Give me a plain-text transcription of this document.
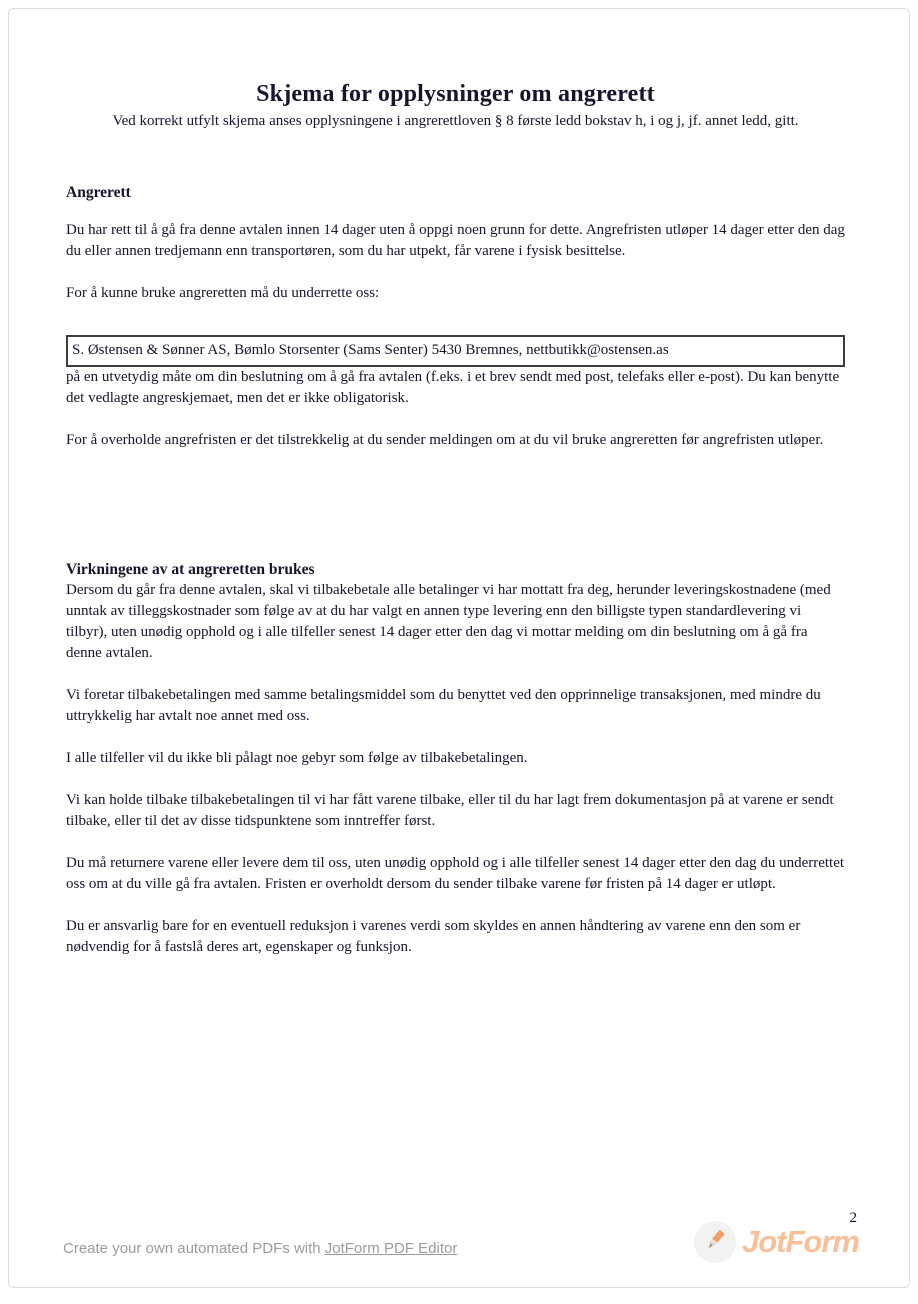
Skjema for opplysninger om angrerett

Ved korrekt utfylt skjema anses opplysningene i angrerettloven § 8 første ledd bokstav h, i og j, jf. annet ledd, gitt.

Angrerett

Du har rett til å gå fra denne avtalen innen 14 dager uten å oppgi noen grunn for dette. Angrefristen utløper 14 dager etter den dag du eller annen tredjemann enn transportøren, som du har utpekt, får varene i fysisk besittelse.

For å kunne bruke angreretten må du underrette oss:

S. Østensen & Sønner AS, Bømlo Storsenter (Sams Senter) 5430 Bremnes, nettbutikk@ostensen.as

på en utvetydig måte om din beslutning om å gå fra avtalen (f.eks. i et brev sendt med post, telefaks eller e-post). Du kan benytte det vedlagte angreskjemaet, men det er ikke obligatorisk.

For å overholde angrefristen er det tilstrekkelig at du sender meldingen om at du vil bruke angreretten før angrefristen utløper.

Virkningene av at angreretten brukes

Dersom du går fra denne avtalen, skal vi tilbakebetale alle betalinger vi har mottatt fra deg, herunder leveringskostnadene (med unntak av tilleggskostnader som følge av at du har valgt en annen type levering enn den billigste typen standardlevering vi tilbyr), uten unødig opphold og i alle tilfeller senest 14 dager etter den dag vi mottar melding om din beslutning om å gå fra denne avtalen.

Vi foretar tilbakebetalingen med samme betalingsmiddel som du benyttet ved den opprinnelige transaksjonen, med mindre du uttrykkelig har avtalt noe annet med oss.

I alle tilfeller vil du ikke bli pålagt noe gebyr som følge av tilbakebetalingen.

Vi kan holde tilbake tilbakebetalingen til vi har fått varene tilbake, eller til du har lagt frem dokumentasjon på at varene er sendt tilbake, eller til det av disse tidspunktene som inntreffer først.

Du må returnere varene eller levere dem til oss, uten unødig opphold og i alle tilfeller senest 14 dager etter den dag du underrettet oss om at du ville gå fra avtalen. Fristen er overholdt dersom du sender tilbake varene før fristen på 14 dager er utløpt.

Du er ansvarlig bare for en eventuell reduksjon i varenes verdi som skyldes en annen håndtering av varene enn den som er nødvendig for å fastslå deres art, egenskaper og funksjon.

Create your own automated PDFs with JotForm PDF Editor
2
JotForm
